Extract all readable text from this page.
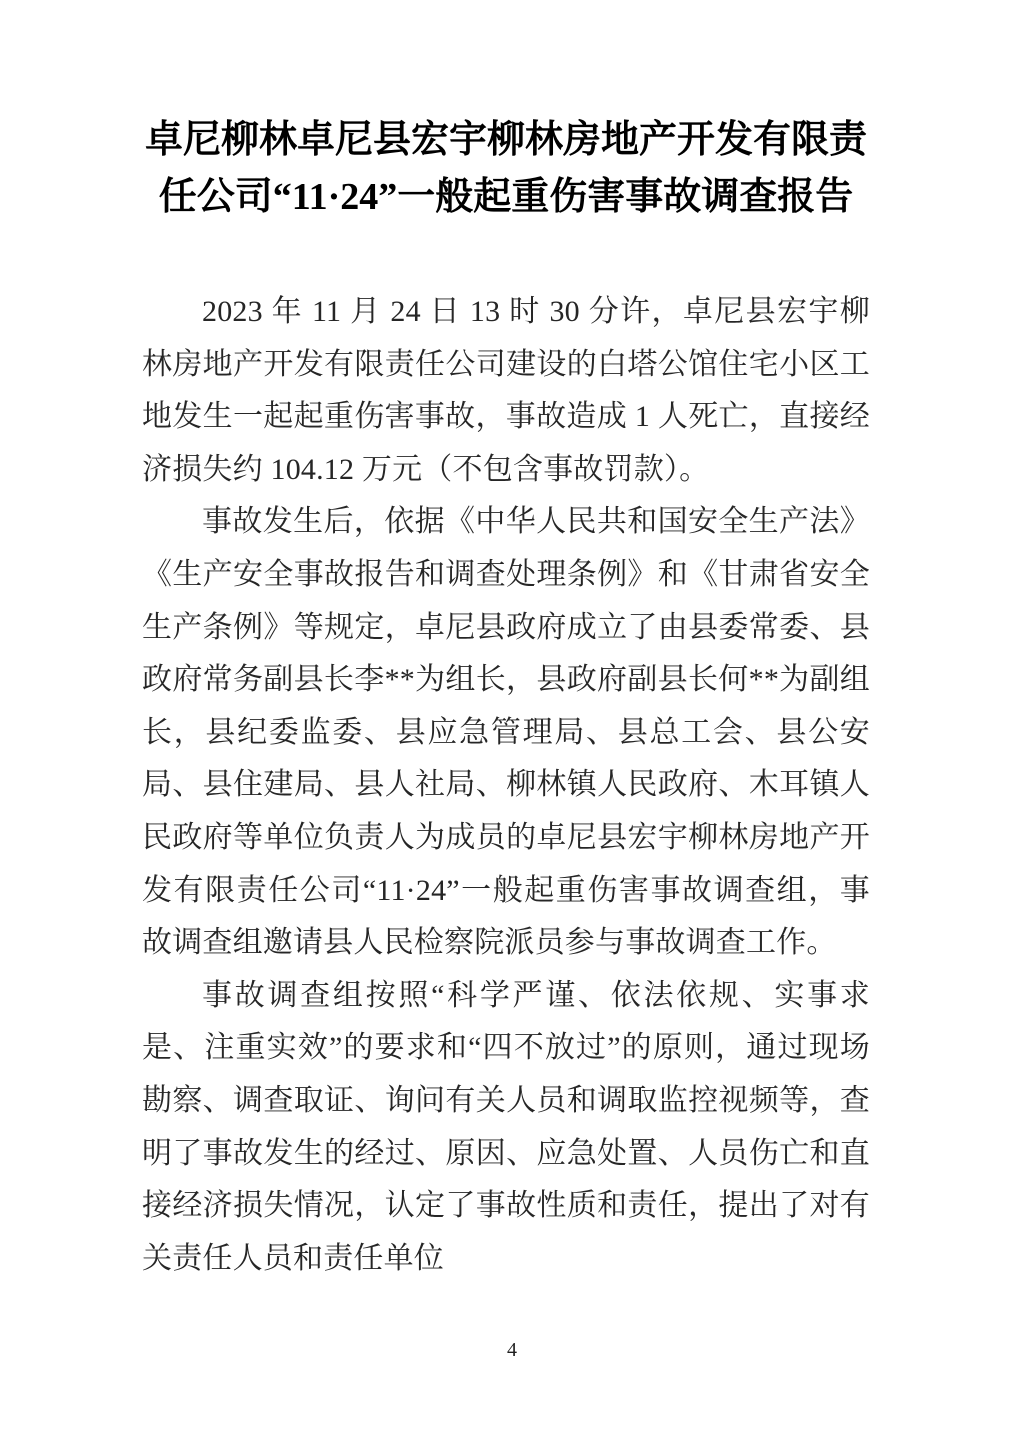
卓尼柳林卓尼县宏宇柳林房地产开发有限责
任公司“11·24”一般起重伤害事故调查报告

2023 年 11 月 24 日 13 时 30 分许，卓尼县宏宇柳林房地产开发有限责任公司建设的白塔公馆住宅小区工地发生一起起重伤害事故，事故造成 1 人死亡，直接经济损失约 104.12 万元（不包含事故罚款）。

事故发生后，依据《中华人民共和国安全生产法》《生产安全事故报告和调查处理条例》和《甘肃省安全生产条例》等规定，卓尼县政府成立了由县委常委、县政府常务副县长李**为组长，县政府副县长何**为副组长，县纪委监委、县应急管理局、县总工会、县公安局、县住建局、县人社局、柳林镇人民政府、木耳镇人民政府等单位负责人为成员的卓尼县宏宇柳林房地产开发有限责任公司“11·24”一般起重伤害事故调查组，事故调查组邀请县人民检察院派员参与事故调查工作。

事故调查组按照“科学严谨、依法依规、实事求是、注重实效”的要求和“四不放过”的原则，通过现场勘察、调查取证、询问有关人员和调取监控视频等，查明了事故发生的经过、原因、应急处置、人员伤亡和直接经济损失情况，认定了事故性质和责任，提出了对有关责任人员和责任单位

4
